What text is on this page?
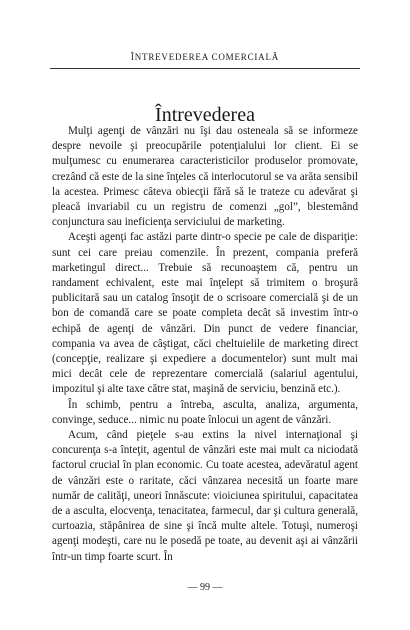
ÎNTREVEDEREA COMERCIALĂ
Întrevederea

Mulţi agenţi de vânzări nu îşi dau osteneala să se informeze despre nevoile şi preocupările potenţialului lor client. Ei se mulţumesc cu enumerarea caracteristicilor produselor promovate, crezând că este de la sine înţeles că interlocutorul se va arăta sensibil la acestea. Primesc câteva obiecţii fără să le trateze cu adevărat şi pleacă invariabil cu un registru de comenzi „gol”, blestemând conjunctura sau ineficienţa serviciului de marketing.

Aceşti agenţi fac astăzi parte dintr-o specie pe cale de dispariţie: sunt cei care preiau comenzile. În prezent, compania preferă marketingul direct... Trebuie să recunoaştem că, pentru un randament echivalent, este mai înţelept să trimitem o broşură publicitară sau un catalog însoţit de o scrisoare comercială şi de un bon de comandă care se poate completa decât să investim într-o echipă de agenţi de vânzări. Din punct de vedere financiar, compania va avea de câştigat, căci cheltuielile de marketing direct (concepţie, realizare şi expediere a documentelor) sunt mult mai mici decât cele de reprezentare comercială (salariul agentului, impozitul şi alte taxe către stat, maşină de serviciu, benzină etc.).

În schimb, pentru a întreba, asculta, analiza, argumenta, convinge, seduce... nimic nu poate înlocui un agent de vânzări.

Acum, când pieţele s-au extins la nivel internaţional şi concurenţa s-a înteţit, agentul de vânzări este mai mult ca niciodată factorul crucial în plan economic. Cu toate acestea, adevăratul agent de vânzări este o raritate, căci vânzarea necesită un foarte mare număr de calităţi, uneori înnăscute: vioiciunea spiritului, capacitatea de a asculta, elocvenţa, tenacitatea, farmecul, dar şi cultura generală, curtoazia, stăpânirea de sine şi încă multe altele. Totuşi, numeroşi agenţi modeşti, care nu le posedă pe toate, au devenit aşi ai vânzării într-un timp foarte scurt. În

— 99 —
